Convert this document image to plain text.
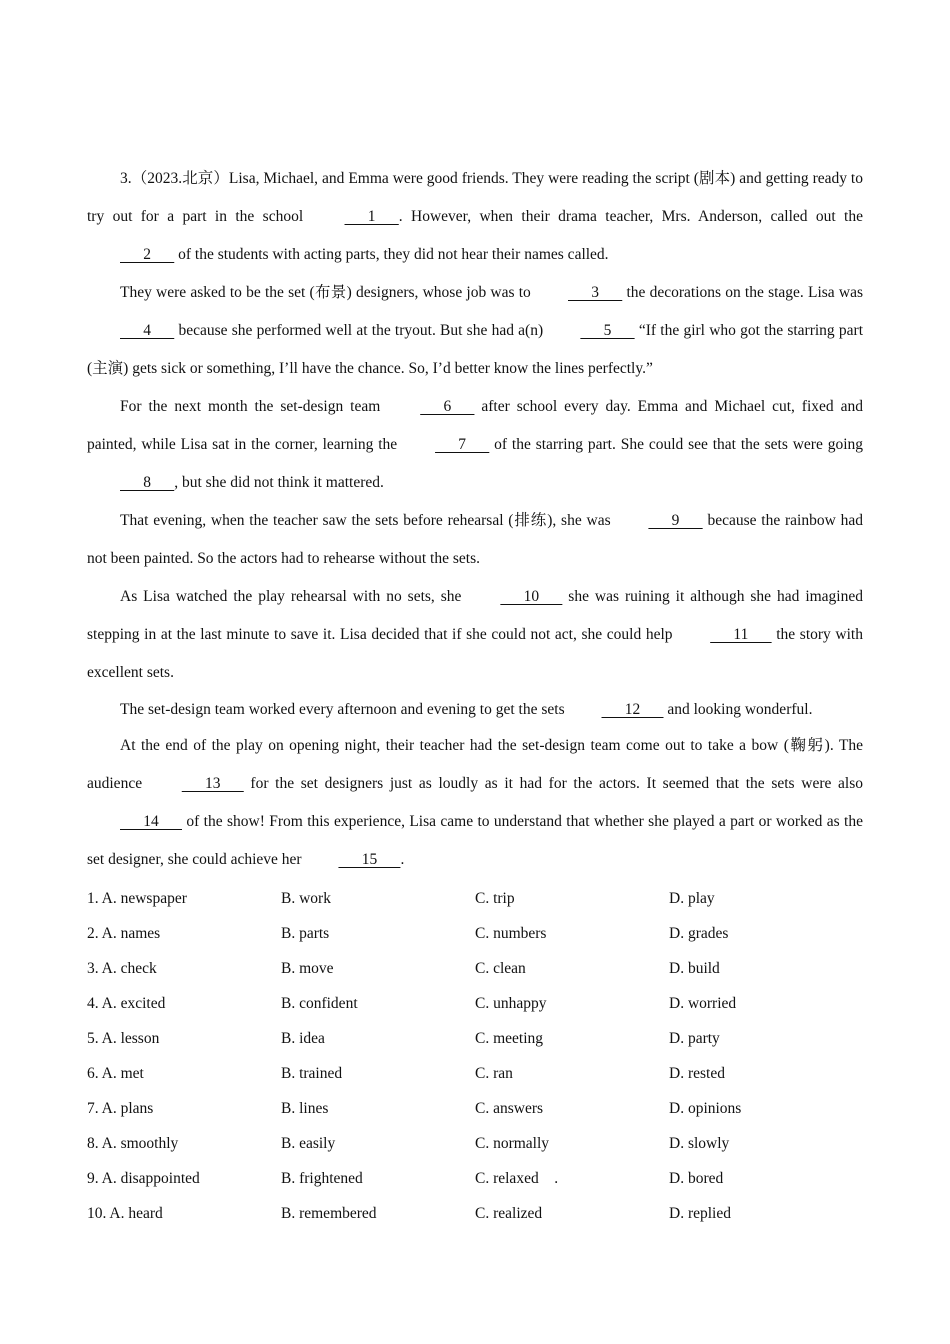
3.（2023.北京）Lisa, Michael, and Emma were good friends. They were reading the script (剧本) and getting ready to try out for a part in the school       1      . However, when their drama teacher, Mrs. Anderson, called out the       2       of the students with acting parts, they did not hear their names called.

They were asked to be the set (布景) designers, whose job was to       3       the decorations on the stage. Lisa was       4       because she performed well at the tryout. But she had a(n)       5       “If the girl who got the starring part (主演) gets sick or something, I’ll have the chance. So, I’d better know the lines perfectly.”

For the next month the set-design team       6       after school every day. Emma and Michael cut, fixed and painted, while Lisa sat in the corner, learning the       7       of the starring part. She could see that the sets were going       8      , but she did not think it mattered.

That evening, when the teacher saw the sets before rehearsal (排练), she was       9       because the rainbow had not been painted. So the actors had to rehearse without the sets.

As Lisa watched the play rehearsal with no sets, she       10       she was ruining it although she had imagined stepping in at the last minute to save it. Lisa decided that if she could not act, she could help       11       the story with excellent sets.

The set-design team worked every afternoon and evening to get the sets       12       and looking wonderful.

At the end of the play on opening night, their teacher had the set-design team come out to take a bow (鞠躬). The audience       13       for the set designers just as loudly as it had for the actors. It seemed that the sets were also       14       of the show! From this experience, Lisa came to understand that whether she played a part or worked as the set designer, she could achieve her       15      .

1. A. newspaper	B. work	C. trip	D. play
2. A. names	B. parts	C. numbers	D. grades
3. A. check	B. move	C. clean	D. build
4. A. excited	B. confident	C. unhappy	D. worried
5. A. lesson	B. idea	C. meeting	D. party
6. A. met	B. trained	C. ran	D. rested
7. A. plans	B. lines	C. answers	D. opinions
8. A. smoothly	B. easily	C. normally	D. slowly
9. A. disappointed	B. frightened	C. relaxed    .	D. bored
10. A. heard	B. remembered	C. realized	D. replied
